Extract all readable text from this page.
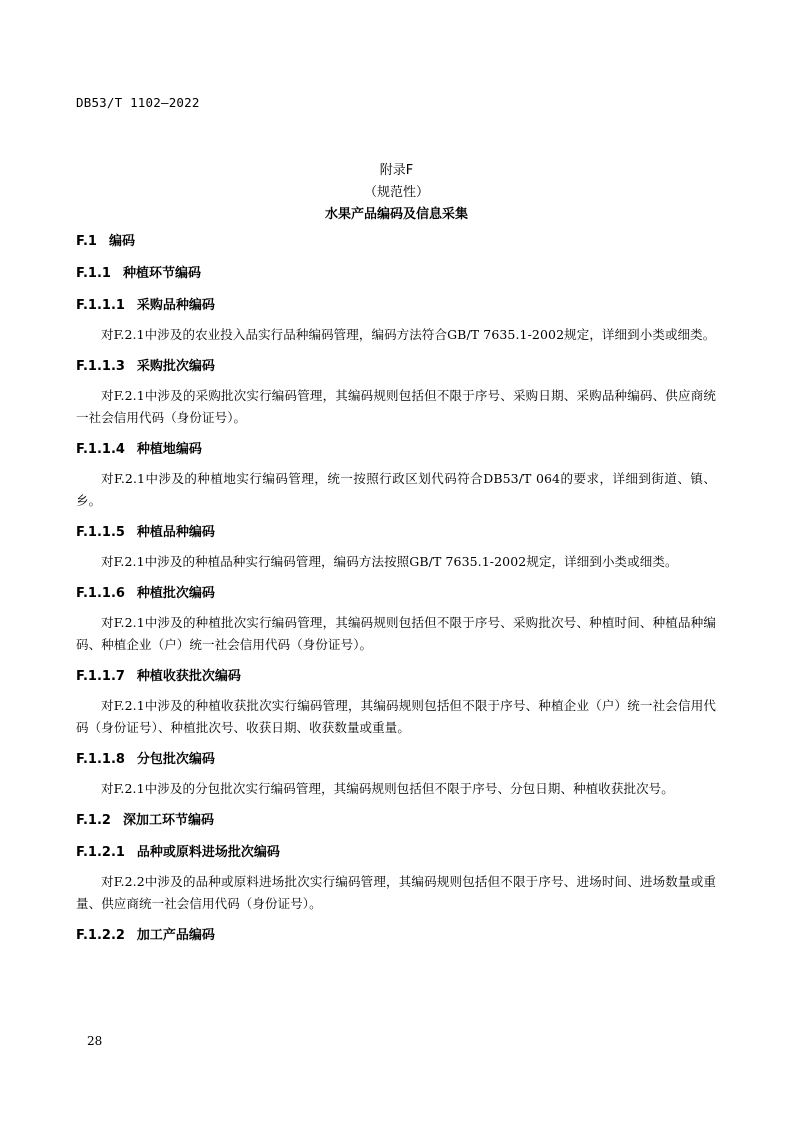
DB53/T 1102—2022
附录F
（规范性）
水果产品编码及信息采集
F.1 编码
F.1.1 种植环节编码
F.1.1.1 采购品种编码

对F.2.1中涉及的农业投入品实行品种编码管理，编码方法符合GB/T 7635.1-2002规定，详细到小类或细类。

F.1.1.3 采购批次编码

对F.2.1中涉及的采购批次实行编码管理，其编码规则包括但不限于序号、采购日期、采购品种编码、供应商统一社会信用代码（身份证号）。

F.1.1.4 种植地编码

对F.2.1中涉及的种植地实行编码管理，统一按照行政区划代码符合DB53/T 064的要求，详细到街道、镇、乡。

F.1.1.5 种植品种编码

对F.2.1中涉及的种植品种实行编码管理，编码方法按照GB/T 7635.1-2002规定，详细到小类或细类。

F.1.1.6 种植批次编码

对F.2.1中涉及的种植批次实行编码管理，其编码规则包括但不限于序号、采购批次号、种植时间、种植品种编码、种植企业（户）统一社会信用代码（身份证号）。

F.1.1.7 种植收获批次编码

对F.2.1中涉及的种植收获批次实行编码管理，其编码规则包括但不限于序号、种植企业（户）统一社会信用代码（身份证号）、种植批次号、收获日期、收获数量或重量。

F.1.1.8 分包批次编码

对F.2.1中涉及的分包批次实行编码管理，其编码规则包括但不限于序号、分包日期、种植收获批次号。

F.1.2 深加工环节编码
F.1.2.1 品种或原料进场批次编码

对F.2.2中涉及的品种或原料进场批次实行编码管理，其编码规则包括但不限于序号、进场时间、进场数量或重量、供应商统一社会信用代码（身份证号）。

F.1.2.2 加工产品编码
28
